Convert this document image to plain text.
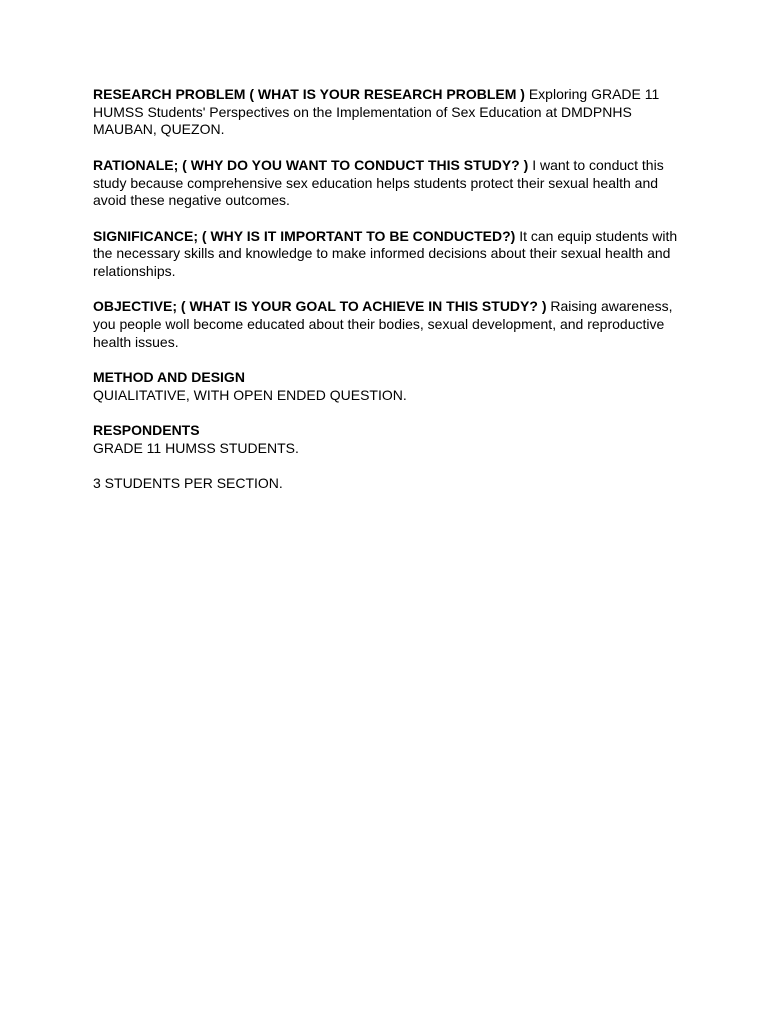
RESEARCH PROBLEM ( WHAT IS YOUR RESEARCH PROBLEM ) Exploring GRADE 11 HUMSS Students' Perspectives on the Implementation of Sex Education at DMDPNHS MAUBAN, QUEZON.

RATIONALE; ( WHY DO YOU WANT TO CONDUCT THIS STUDY? ) I want to conduct this study because comprehensive sex education helps students protect their sexual health and avoid these negative outcomes.

SIGNIFICANCE; ( WHY IS IT IMPORTANT TO BE CONDUCTED?) It can equip students with the necessary skills and knowledge to make informed decisions about their sexual health and relationships.

OBJECTIVE; ( WHAT IS YOUR GOAL TO ACHIEVE IN THIS STUDY? ) Raising awareness, you people woll become educated about their bodies, sexual development, and reproductive health issues.

METHOD AND DESIGN
QUIALITATIVE, WITH OPEN ENDED QUESTION.

RESPONDENTS
GRADE 11 HUMSS STUDENTS.

3 STUDENTS PER SECTION.
